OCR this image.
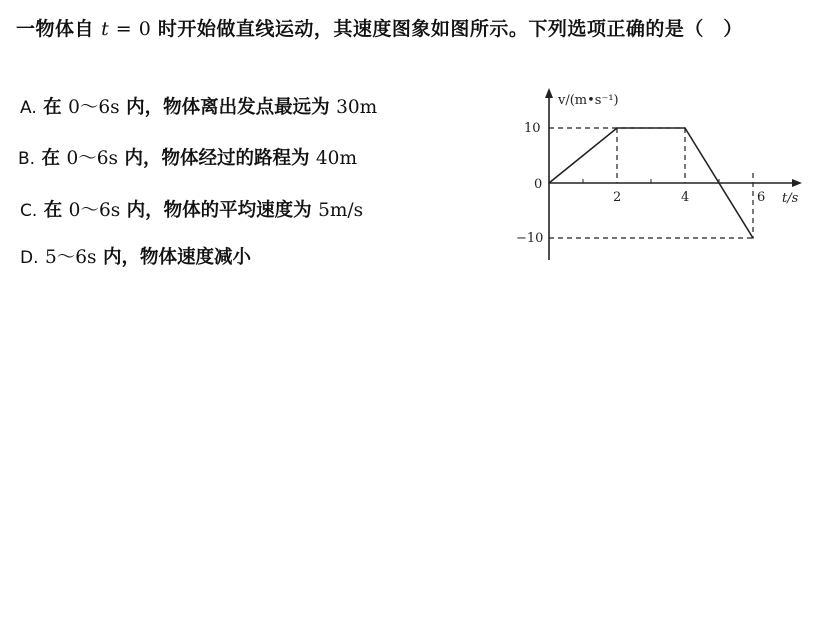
一物体自 t = 0 时开始做直线运动，其速度图象如图所示。下列选项正确的是（　）
A. 在 0～6s 内，物体离出发点最远为 30m
B. 在 0～6s 内，物体经过的路程为 40m
C. 在 0～6s 内，物体的平均速度为 5m/s
D. 5～6s 内，物体速度减小
v/(m•s⁻¹)
t/s
0
10
−10
2	4	6
